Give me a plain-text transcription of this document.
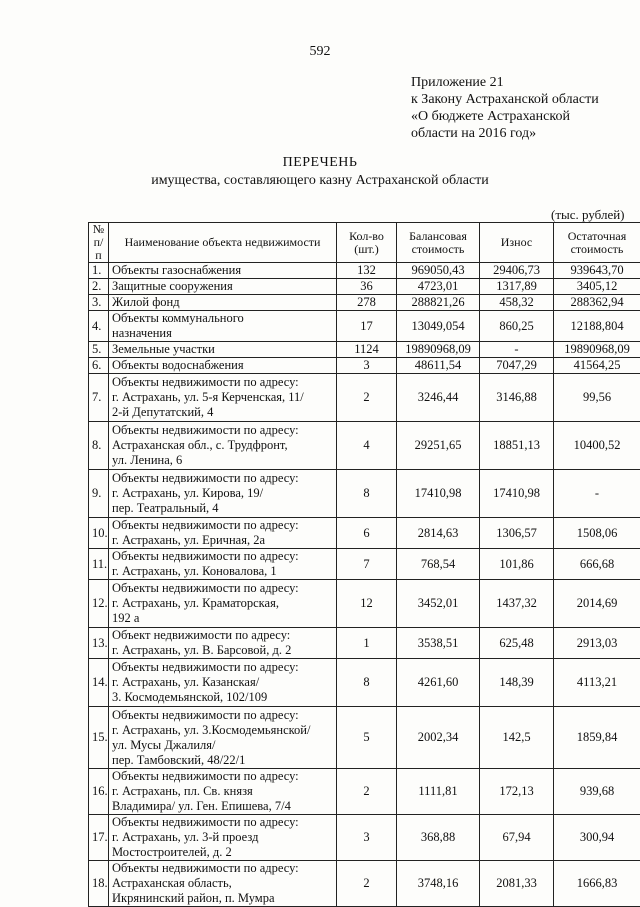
592
Приложение 21
к Закону Астраханской области
«О бюджете Астраханской
области на 2016 год»
ПЕРЕЧЕНЬ
имущества, составляющего казну Астраханской области
(тыс. рублей)
№ п/п	Наименование объекта недвижимости	Кол-во (шт.)	Балансовая стоимость	Износ	Остаточная стоимость
1.	Объекты газоснабжения	132	969050,43	29406,73	939643,70
2.	Защитные сооружения	36	4723,01	1317,89	3405,12
3.	Жилой фонд	278	288821,26	458,32	288362,94
4.	Объекты коммунального
назначения	17	13049,054	860,25	12188,804
5.	Земельные участки	1124	19890968,09	-	19890968,09
6.	Объекты водоснабжения	3	48611,54	7047,29	41564,25
7.	Объекты недвижимости по адресу:
г. Астрахань, ул. 5-я Керченская, 11/
2-й Депутатский, 4	2	3246,44	3146,88	99,56
8.	Объекты недвижимости по адресу:
Астраханская обл., с. Трудфронт,
ул. Ленина, 6	4	29251,65	18851,13	10400,52
9.	Объекты недвижимости по адресу:
г. Астрахань, ул. Кирова, 19/
пер. Театральный, 4	8	17410,98	17410,98	-
10.	Объекты недвижимости по адресу:
г. Астрахань, ул. Еричная, 2а	6	2814,63	1306,57	1508,06
11.	Объекты недвижимости по адресу:
г. Астрахань, ул. Коновалова, 1	7	768,54	101,86	666,68
12.	Объекты недвижимости по адресу:
г. Астрахань, ул. Краматорская,
192 а	12	3452,01	1437,32	2014,69
13.	Объект недвижимости по адресу:
г. Астрахань, ул. В. Барсовой, д. 2	1	3538,51	625,48	2913,03
14.	Объекты недвижимости по адресу:
г. Астрахань, ул. Казанская/
3. Космодемьянской, 102/109	8	4261,60	148,39	4113,21
15.	Объекты недвижимости по адресу:
г. Астрахань, ул. 3.Космодемьянской/
ул. Мусы Джалиля/
пер. Тамбовский, 48/22/1	5	2002,34	142,5	1859,84
16.	Объекты недвижимости по адресу:
г. Астрахань, пл. Св. князя
Владимира/ ул. Ген. Епишева, 7/4	2	1111,81	172,13	939,68
17.	Объекты недвижимости по адресу:
г. Астрахань, ул. 3-й проезд
Мостостроителей, д. 2	3	368,88	67,94	300,94
18.	Объекты недвижимости по адресу:
Астраханская область,
Икрянинский район, п. Мумра	2	3748,16	2081,33	1666,83
